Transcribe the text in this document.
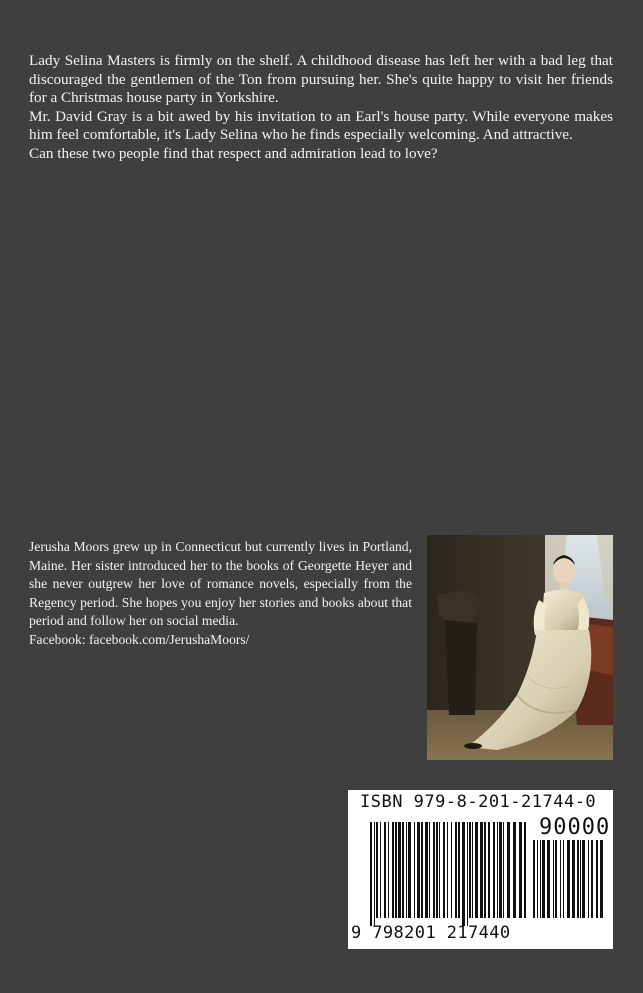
Lady Selina Masters is firmly on the shelf. A childhood disease has left her with a bad leg that discouraged the gentlemen of the Ton from pursuing her. She's quite happy to visit her friends for a Christmas house party in Yorkshire.

Mr. David Gray is a bit awed by his invitation to an Earl's house party. While everyone makes him feel comfortable, it's Lady Selina who he finds especially welcoming. And attractive.

Can these two people find that respect and admiration lead to love?

Jerusha Moors grew up in Connecticut but currently lives in Portland, Maine. Her sister introduced her to the books of Georgette Heyer and she never outgrew her love of romance novels, especially from the Regency period. She hopes you enjoy her stories and books about that period and follow her on social media.

Facebook: facebook.com/JerushaMoors/

ISBN 979-8-201-21744-0
90000
9 798201 217440
